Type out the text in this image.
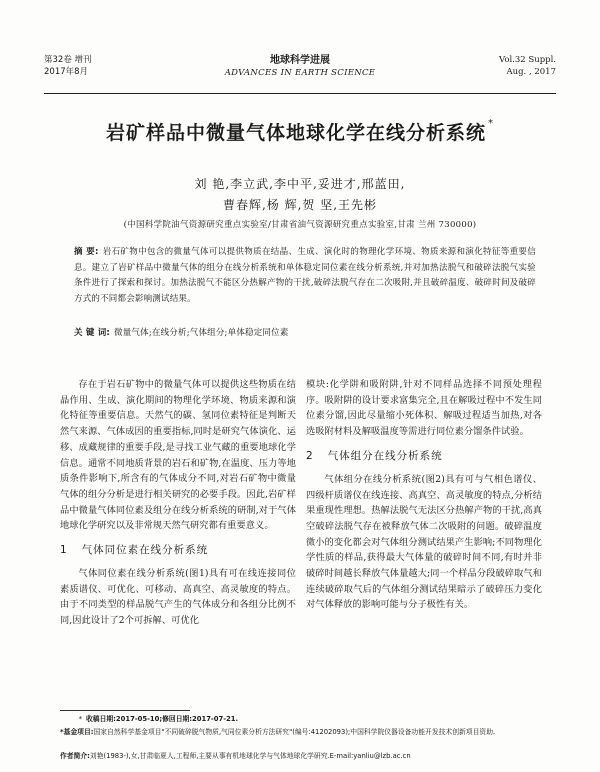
第32卷 增刊
2017年8月
地球科学进展
ADVANCES IN EARTH SCIENCE
Vol.32 Suppl.
Aug. , 2017
岩矿样品中微量气体地球化学在线分析系统 *
刘 艳,李立武,李中平,妥进才,邢蓝田,
曹春辉,杨 辉,贺 坚,王先彬
(中国科学院油气资源研究重点实验室/甘肃省油气资源研究重点实验室,甘肃 兰州 730000)
摘 要: 岩石矿物中包含的微量气体可以提供物质在结晶、生成、演化时的物理化学环境、物质来源和演化特征等重要信息。建立了岩矿样品中微量气体的组分在线分析系统和单体稳定同位素在线分析系统,并对加热法脱气和破碎法脱气实验条件进行了探索和探讨。加热法脱气不能区分热解产物的干扰,破碎法脱气存在二次吸附,并且破碎温度、破碎时间及破碎方式的不同都会影响测试结果。
关 键 词: 微量气体;在线分析;气体组分;单体稳定同位素

存在于岩石矿物中的微量气体可以提供这些物质在结晶作用、生成、演化期间的物理化学环境、物质来源和演化特征等重要信息。天然气的碳、氢同位素特征是判断天然气来源、气体成因的重要指标,同时是研究气体演化、运移、成藏规律的重要手段,是寻找工业气藏的重要地球化学信息。通常不同地质背景的岩石和矿物,在温度、压力等地质条件影响下,所含有的气体成分不同,对岩石矿物中微量气体的组分分析是进行相关研究的必要手段。因此,岩矿样品中微量气体同位素及组分在线分析系统的研制,对于气体地球化学研究以及非常规天然气研究都有重要意义。

1 气体同位素在线分析系统

气体同位素在线分析系统(图1)具有可在线连接同位素质谱仪、可优化、可移动、高真空、高灵敏度的特点。由于不同类型的样品脱气产生的气体成分和各组分比例不同,因此设计了2个可拆解、可优化

模块:化学阱和吸附阱,针对不同样品选择不同预处理程序。吸附阱的设计要求富集完全,且在解吸过程中不发生同位素分馏,因此尽量缩小死体积、解吸过程适当加热,对各选吸附材料及解吸温度等需进行同位素分馏条件试验。

2 气体组分在线分析系统

气体组分在线分析系统(图2)具有可与气相色谱仪、四级杆质谱仪在线连接、高真空、高灵敏度的特点,分析结果重现性理想。热解法脱气无法区分热解产物的干扰,高真空破碎法脱气存在被释放气体二次吸附的问题。破碎温度微小的变化都会对气体组分测试结果产生影响;不同物理化学性质的样品,获得最大气体量的破碎时间不同,有时并非破碎时间越长释放气体量越大;同一个样品分段破碎取气和连续破碎取气后的气体组分测试结果暗示了破碎压力变化对气体释放的影响可能与分子极性有关。

* 收稿日期:2017-05-10;修回日期:2017-07-21.
*基金项目:国家自然科学基金项目"不同破碎脱气物质,气同位素分析方法研究"(编号:41202093);中国科学院仪器设备功能开发技术创新项目资助.
作者简介:刘艳(1983-),女,甘肃临夏人,工程师,主要从事有机地球化学与气体地球化学研究.E-mail:yanliu@lzb.ac.cn
